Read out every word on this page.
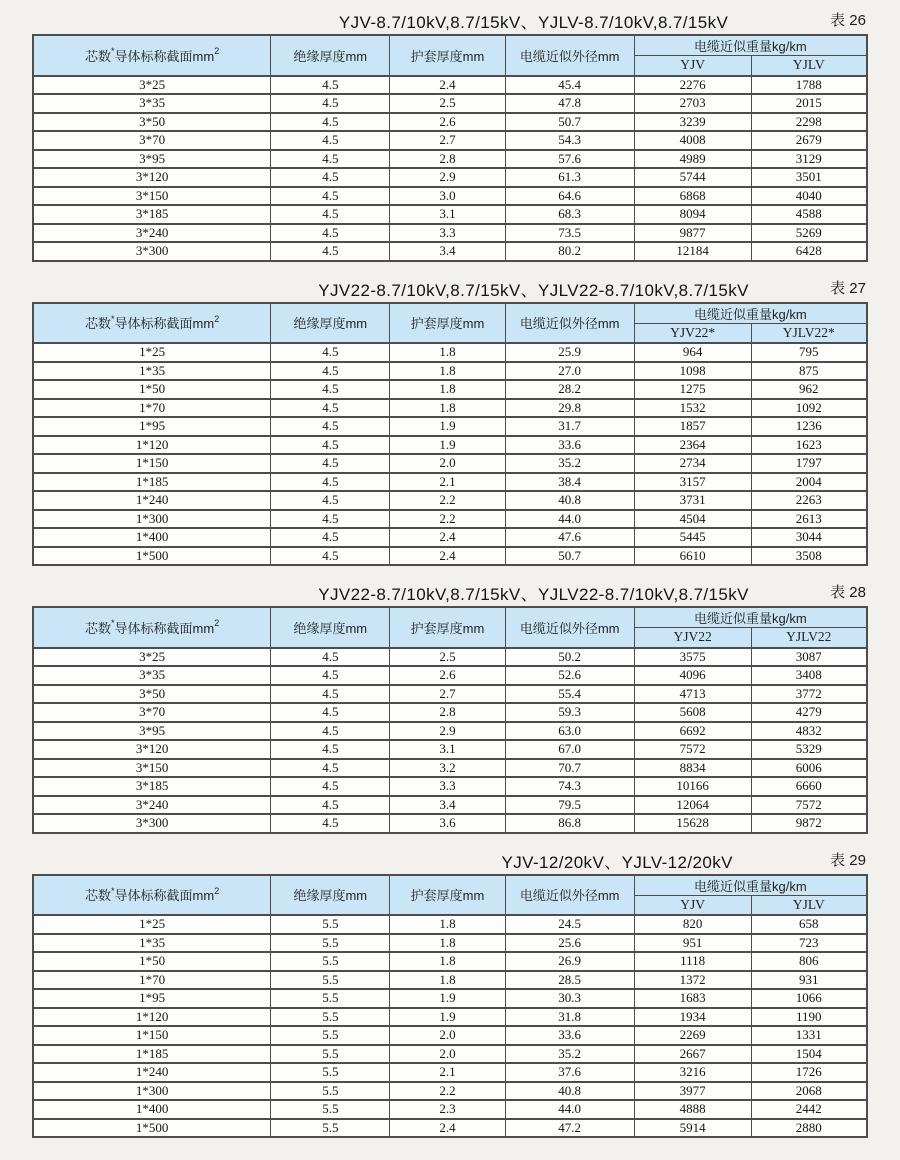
YJV-8.7/10kV,8.7/15kV、YJLV-8.7/10kV,8.7/15kV	表 26
芯数*导体标称截面$mm^2$	绝缘厚度mm	护套厚度mm	电缆近似外径mm	电缆近似重量kg/km	
				YJV	YJLV
3*25	4.5	2.4	45.4	2276	1788
3*35	4.5	2.5	47.8	2703	2015
3*50	4.5	2.6	50.7	3239	2298
3*70	4.5	2.7	54.3	4008	2679
3*95	4.5	2.8	57.6	4989	3129
3*120	4.5	2.9	61.3	5744	3501
3*150	4.5	3.0	64.6	6868	4040
3*185	4.5	3.1	68.3	8094	4588
3*240	4.5	3.3	73.5	9877	5269
3*300	4.5	3.4	80.2	12184	6428
YJV22-8.7/10kV,8.7/15kV、YJLV22-8.7/10kV,8.7/15kV	表 27
芯数*导体标称截面$mm^2$	绝缘厚度mm	护套厚度mm	电缆近似外径mm	电缆近似重量kg/km	
				YJV22*	YJLV22*
1*25	4.5	1.8	25.9	964	795
1*35	4.5	1.8	27.0	1098	875
1*50	4.5	1.8	28.2	1275	962
1*70	4.5	1.8	29.8	1532	1092
1*95	4.5	1.9	31.7	1857	1236
1*120	4.5	1.9	33.6	2364	1623
1*150	4.5	2.0	35.2	2734	1797
1*185	4.5	2.1	38.4	3157	2004
1*240	4.5	2.2	40.8	3731	2263
1*300	4.5	2.2	44.0	4504	2613
1*400	4.5	2.4	47.6	5445	3044
1*500	4.5	2.4	50.7	6610	3508
YJV22-8.7/10kV,8.7/15kV、YJLV22-8.7/10kV,8.7/15kV	表 28
芯数*导体标称截面$mm^2$	绝缘厚度mm	护套厚度mm	电缆近似外径mm	电缆近似重量kg/km	
				YJV22	YJLV22
3*25	4.5	2.5	50.2	3575	3087
3*35	4.5	2.6	52.6	4096	3408
3*50	4.5	2.7	55.4	4713	3772
3*70	4.5	2.8	59.3	5608	4279
3*95	4.5	2.9	63.0	6692	4832
3*120	4.5	3.1	67.0	7572	5329
3*150	4.5	3.2	70.7	8834	6006
3*185	4.5	3.3	74.3	10166	6660
3*240	4.5	3.4	79.5	12064	7572
3*300	4.5	3.6	86.8	15628	9872
YJV-12/20kV、YJLV-12/20kV	表 29
芯数*导体标称截面$mm^2$	绝缘厚度mm	护套厚度mm	电缆近似外径mm	电缆近似重量kg/km	
				YJV	YJLV
1*25	5.5	1.8	24.5	820	658
1*35	5.5	1.8	25.6	951	723
1*50	5.5	1.8	26.9	1118	806
1*70	5.5	1.8	28.5	1372	931
1*95	5.5	1.9	30.3	1683	1066
1*120	5.5	1.9	31.8	1934	1190
1*150	5.5	2.0	33.6	2269	1331
1*185	5.5	2.0	35.2	2667	1504
1*240	5.5	2.1	37.6	3216	1726
1*300	5.5	2.2	40.8	3977	2068
1*400	5.5	2.3	44.0	4888	2442
1*500	5.5	2.4	47.2	5914	2880
